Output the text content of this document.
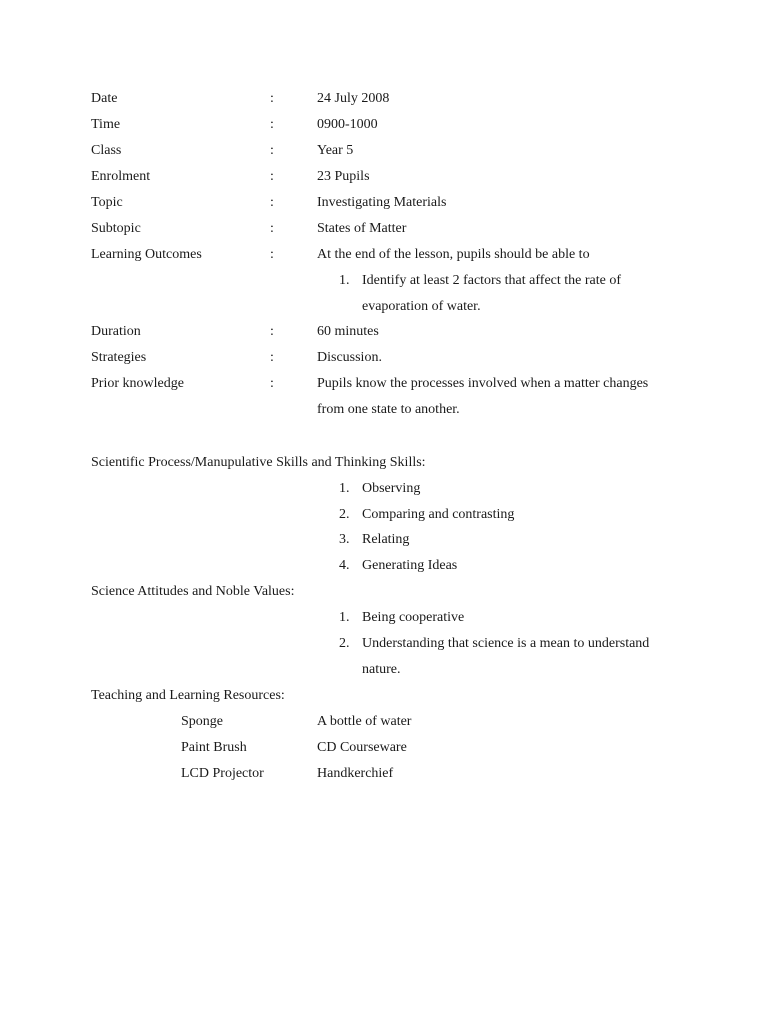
Date	:	24 July 2008
Time	:	0900-1000
Class	:	Year 5
Enrolment	:	23 Pupils
Topic	:	Investigating Materials
Subtopic	:	States of Matter
Learning Outcomes	:	At the end of the lesson, pupils should be able to
1. Identify at least 2 factors that affect the rate of
evaporation of water.
Duration	:	60 minutes
Strategies	:	Discussion.
Prior knowledge	:	Pupils know the processes involved when a matter changes
from one state to another.
Scientific Process/Manupulative Skills and Thinking Skills:
1. Observing
2. Comparing and contrasting
3. Relating
4. Generating Ideas
Science Attitudes and Noble Values:
1. Being cooperative
2. Understanding that science is a mean to understand
nature.
Teaching and Learning Resources:
Sponge	A bottle of water
Paint Brush	CD Courseware
LCD Projector	Handkerchief
